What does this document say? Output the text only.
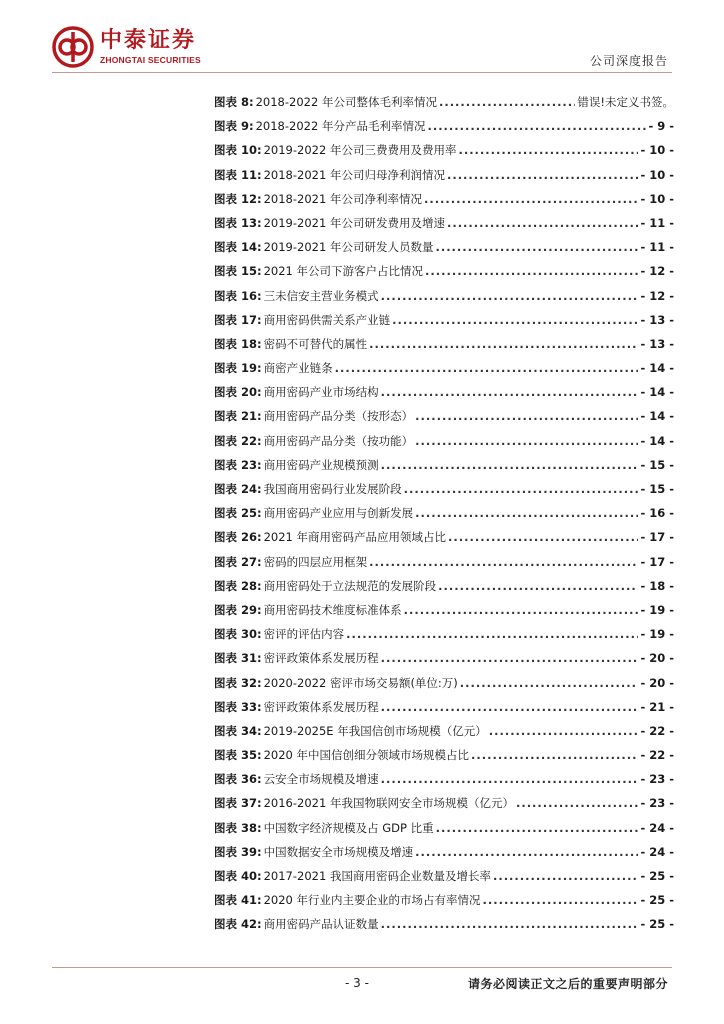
中泰证券
ZHONGTAI SECURITIES	公司深度报告
图表 8: 2018-2022 年公司整体毛利率情况 .....	错误!未定义书签。
图表 9: 2018-2022 年分产品毛利率情况 .....	- 9 -
图表 10: 2019-2022 年公司三费费用及费用率 .....	- 10 -
图表 11: 2018-2021 年公司归母净利润情况 .....	- 10 -
图表 12: 2018-2021 年公司净利率情况 .....	- 10 -
图表 13: 2019-2021 年公司研发费用及增速 .....	- 11 -
图表 14: 2019-2021 年公司研发人员数量 .....	- 11 -
图表 15: 2021 年公司下游客户占比情况 .....	- 12 -
图表 16: 三未信安主营业务模式 .....	- 12 -
图表 17: 商用密码供需关系产业链 .....	- 13 -
图表 18: 密码不可替代的属性 .....	- 13 -
图表 19: 商密产业链条 .....	- 14 -
图表 20: 商用密码产业市场结构 .....	- 14 -
图表 21: 商用密码产品分类（按形态） .....	- 14 -
图表 22: 商用密码产品分类（按功能） .....	- 14 -
图表 23: 商用密码产业规模预测 .....	- 15 -
图表 24: 我国商用密码行业发展阶段 .....	- 15 -
图表 25: 商用密码产业应用与创新发展 .....	- 16 -
图表 26: 2021 年商用密码产品应用领域占比 .....	- 17 -
图表 27: 密码的四层应用框架 .....	- 17 -
图表 28: 商用密码处于立法规范的发展阶段 .....	- 18 -
图表 29: 商用密码技术维度标准体系 .....	- 19 -
图表 30: 密评的评估内容 .....	- 19 -
图表 31: 密评政策体系发展历程 .....	- 20 -
图表 32: 2020-2022 密评市场交易额(单位:万) .....	- 20 -
图表 33: 密评政策体系发展历程 .....	- 21 -
图表 34: 2019-2025E 年我国信创市场规模（亿元） .....	- 22 -
图表 35: 2020 年中国信创细分领域市场规模占比 .....	- 22 -
图表 36: 云安全市场规模及增速 .....	- 23 -
图表 37: 2016-2021 年我国物联网安全市场规模（亿元） .....	- 23 -
图表 38: 中国数字经济规模及占 GDP 比重 .....	- 24 -
图表 39: 中国数据安全市场规模及增速 .....	- 24 -
图表 40: 2017-2021 我国商用密码企业数量及增长率 .....	- 25 -
图表 41: 2020 年行业内主要企业的市场占有率情况 .....	- 25 -
图表 42: 商用密码产品认证数量 .....	- 25 -
- 3 -	请务必阅读正文之后的重要声明部分
